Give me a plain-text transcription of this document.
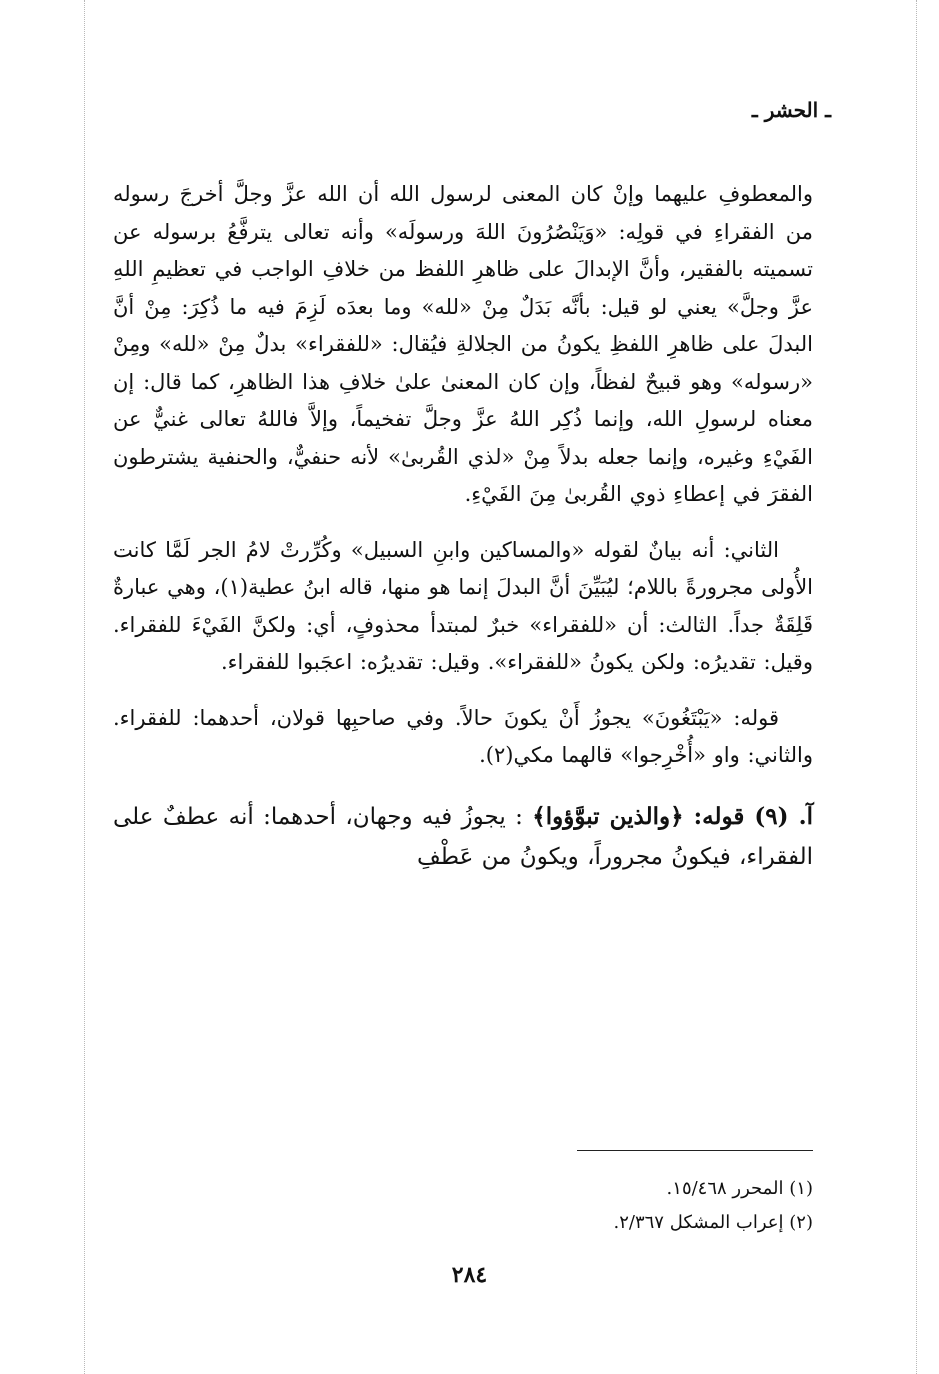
ـ الحشر ـ

والمعطوفِ عليهما وإنْ كان المعنى لرسول الله أن الله عزَّ وجلَّ أخرجَ رسوله من الفقراءِ في قولِه: «وَيَنْصُرُونَ اللهَ ورسولَه» وأنه تعالى يترفَّعُ برسوله عن تسميته بالفقير، وأنَّ الإبدالَ على ظاهرِ اللفظ من خلافِ الواجب في تعظيمِ اللهِ عزَّ وجلَّ» يعني لو قيل: بأنَّه بَدَلٌ مِنْ «لله» وما بعدَه لَزِمَ فيه ما ذُكِرَ: مِنْ أنَّ البدلَ على ظاهرِ اللفظِ يكونُ من الجلالةِ فيُقال: «للفقراء» بدلٌ مِنْ «لله» ومِنْ «رسوله» وهو قبيحٌ لفظاً، وإن كان المعنىٰ علىٰ خلافِ هذا الظاهرِ، كما قال: إن معناه لرسولِ الله، وإنما ذُكِر اللهُ عزَّ وجلَّ تفخيماً، وإلاَّ فاللهُ تعالى غنيٌّ عن الفَيْءِ وغيره، وإنما جعله بدلاً مِنْ «لذي القُربىٰ» لأنه حنفيٌّ، والحنفية يشترطون الفقرَ في إعطاءِ ذوي القُربىٰ مِنَ الفَيْءِ.

الثاني: أنه بيانٌ لقوله «والمساكين وابنِ السبيل» وكُرِّرتْ لامُ الجر لَمَّا كانت الأُولى مجرورةً باللام؛ ليُبَيِّنَ أنَّ البدلَ إنما هو منها، قاله ابنُ عطية(١)، وهي عبارةٌ قَلِقَةٌ جداً. الثالث: أن «للفقراء» خبرٌ لمبتدأ محذوفٍ، أي: ولكنَّ الفَيْءَ للفقراء. وقيل: تقديرُه: ولكن يكونُ «للفقراء». وقيل: تقديرُه: اعجَبوا للفقراء.

قوله: «يَبْتَغُونَ» يجوزُ أَنْ يكونَ حالاً. وفي صاحبِها قولان، أحدهما: للفقراء. والثاني: واو «أُخْرِجوا» قالهما مكي(٢).

آ. (٩) قوله: ﴿والذين تبوَّؤوا﴾ : يجوزُ فيه وجهان، أحدهما: أنه عطفٌ على الفقراء، فيكونُ مجروراً، ويكونُ من عَطْفِ

(١) المحرر ١٥/٤٦٨.

(٢) إعراب المشكل ٢/٣٦٧.

٢٨٤
